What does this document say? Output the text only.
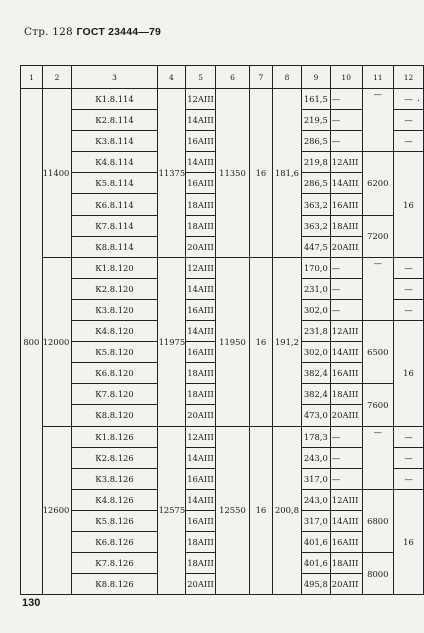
Стр. 128 ГОСТ 23444—79
.
1	2	3	4	5	6	7	8	9	10	11	12
800	11400	К1.8.114	11375	12AIII	11350	16	181,6	161,5	—	—	—
		К2.8.114		14AIII				219,5	—		—
		К3.8.114		16AIII				286,5	—		—
		К4.8.114		14AIII				219,8	12AIII	6200	16
		К5.8.114		16AIII				286,5	14AIII		
		К6.8.114		18AIII				363,2	16AIII		
		К7.8.114		18AIII				363,2	18AIII	7200	
		К8.8.114		20AIII				447,5	20AIII		
	12000	К1.8.120	11975	12AIII	11950	16	191,2	170,0	—	—	—
		К2.8.120		14AIII				231,0	—		—
		К3.8.120		16AIII				302,0	—		—
		К4.8.120		14AIII				231,8	12AIII	6500	16
		К5.8.120		16AIII				302,0	14AIII		
		К6.8.120		18AIII				382,4	16AIII		
		К7.8.120		18AIII				382,4	18AIII	7600	
		К8.8.120		20AIII				473,0	20AIII		
	12600	К1.8.126	12575	12AIII	12550	16	200,8	178,3	—	—	—
		К2.8.126		14AIII				243,0	—		—
		К3.8.126		16AIII				317,0	—		—
		К4.8.126		14AIII				243,0	12AIII	6800	16
		К5.8.126		16AIII				317,0	14AIII		
		К6.8.126		18AIII				401,6	16AIII		
		К7.8.126		18AIII				401,6	18AIII	8000	
		К8.8.126		20AIII				495,8	20AIII		
130
